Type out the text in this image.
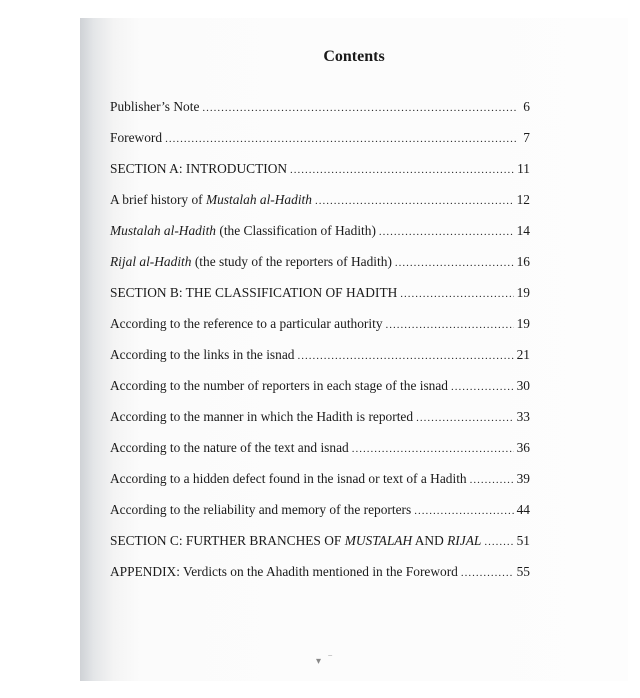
Contents
Publisher’s Note .....	6
Foreword .....	7
SECTION A: INTRODUCTION .....	11
A brief history of Mustalah al-Hadith .....	12
Mustalah al-Hadith (the Classification of Hadith) .....	14
Rijal al-Hadith (the study of the reporters of Hadith) .....	16
SECTION B: THE CLASSIFICATION OF HADITH .....	19
According to the reference to a particular authority .....	19
According to the links in the isnad .....	21
According to the number of reporters in each stage of the isnad .....	30
According to the manner in which the Hadith is reported .....	33
According to the nature of the text and isnad .....	36
According to a hidden defect found in the isnad or text of a Hadith .....	39
According to the reliability and memory of the reporters .....	44
SECTION C: FURTHER BRANCHES OF MUSTALAH AND RIJAL .....	51
APPENDIX: Verdicts on the Ahadith mentioned in the Foreword .....	55
▾   ‾
